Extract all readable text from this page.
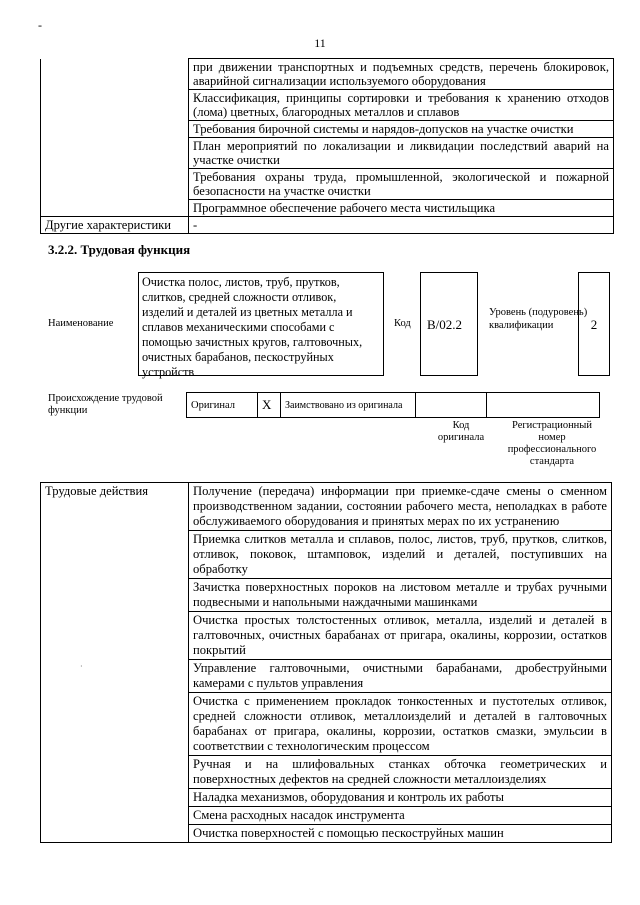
-
11
	при движении транспортных и подъемных средств, перечень блокировок, аварийной сигнализации используемого оборудования
	Классификация, принципы сортировки и требования к хранению отходов (лома) цветных, благородных металлов и сплавов
	Требования бирочной системы и нарядов-допусков на участке очистки
	План мероприятий по локализации и ликвидации последствий аварий на участке очистки
	Требования охраны труда, промышленной, экологической и пожарной безопасности на участке очистки
	Программное обеспечение рабочего места чистильщика
Другие характеристики	-
3.2.2. Трудовая функция
Наименование
Очистка полос, листов, труб, прутков, слитков, средней сложности отливок, изделий и деталей из цветных металла и сплавов механическими способами с помощью зачистных кругов, галтовочных, очистных барабанов, пескоструйных устройств
Код	B/02.2
Уровень (подуровень) квалификации	2
Происхождение трудовой функции	Оригинал	X	Заимствовано из оригинала		
Код оригинала
Регистрационный номер профессионального стандарта
Трудовые действия	Получение (передача) информации при приемке-сдаче смены о сменном производственном задании, состоянии рабочего места, неполадках в работе обслуживаемого оборудования и принятых мерах по их устранению
Приемка слитков металла и сплавов, полос, листов, труб, прутков, слитков, отливок, поковок, штамповок, изделий и деталей, поступивших на обработку
Зачистка поверхностных пороков на листовом металле и трубах ручными подвесными и напольными наждачными машинками
Очистка простых толстостенных отливок, металла, изделий и деталей в галтовочных, очистных барабанах от пригара, окалины, коррозии, остатков покрытий
Управление галтовочными, очистными барабанами, дробеструйными камерами с пультов управления
Очистка с применением прокладок тонкостенных и пустотелых отливок, средней сложности отливок, металлоизделий и деталей в галтовочных барабанах от пригара, окалины, коррозии, остатков смазки, эмульсии в соответствии с технологическим процессом
Ручная и на шлифовальных станках обточка геометрических и поверхностных дефектов на средней сложности металлоизделиях
Наладка механизмов, оборудования и контроль их работы
Смена расходных насадок инструмента
Очистка поверхностей с помощью пескоструйных машин
·
